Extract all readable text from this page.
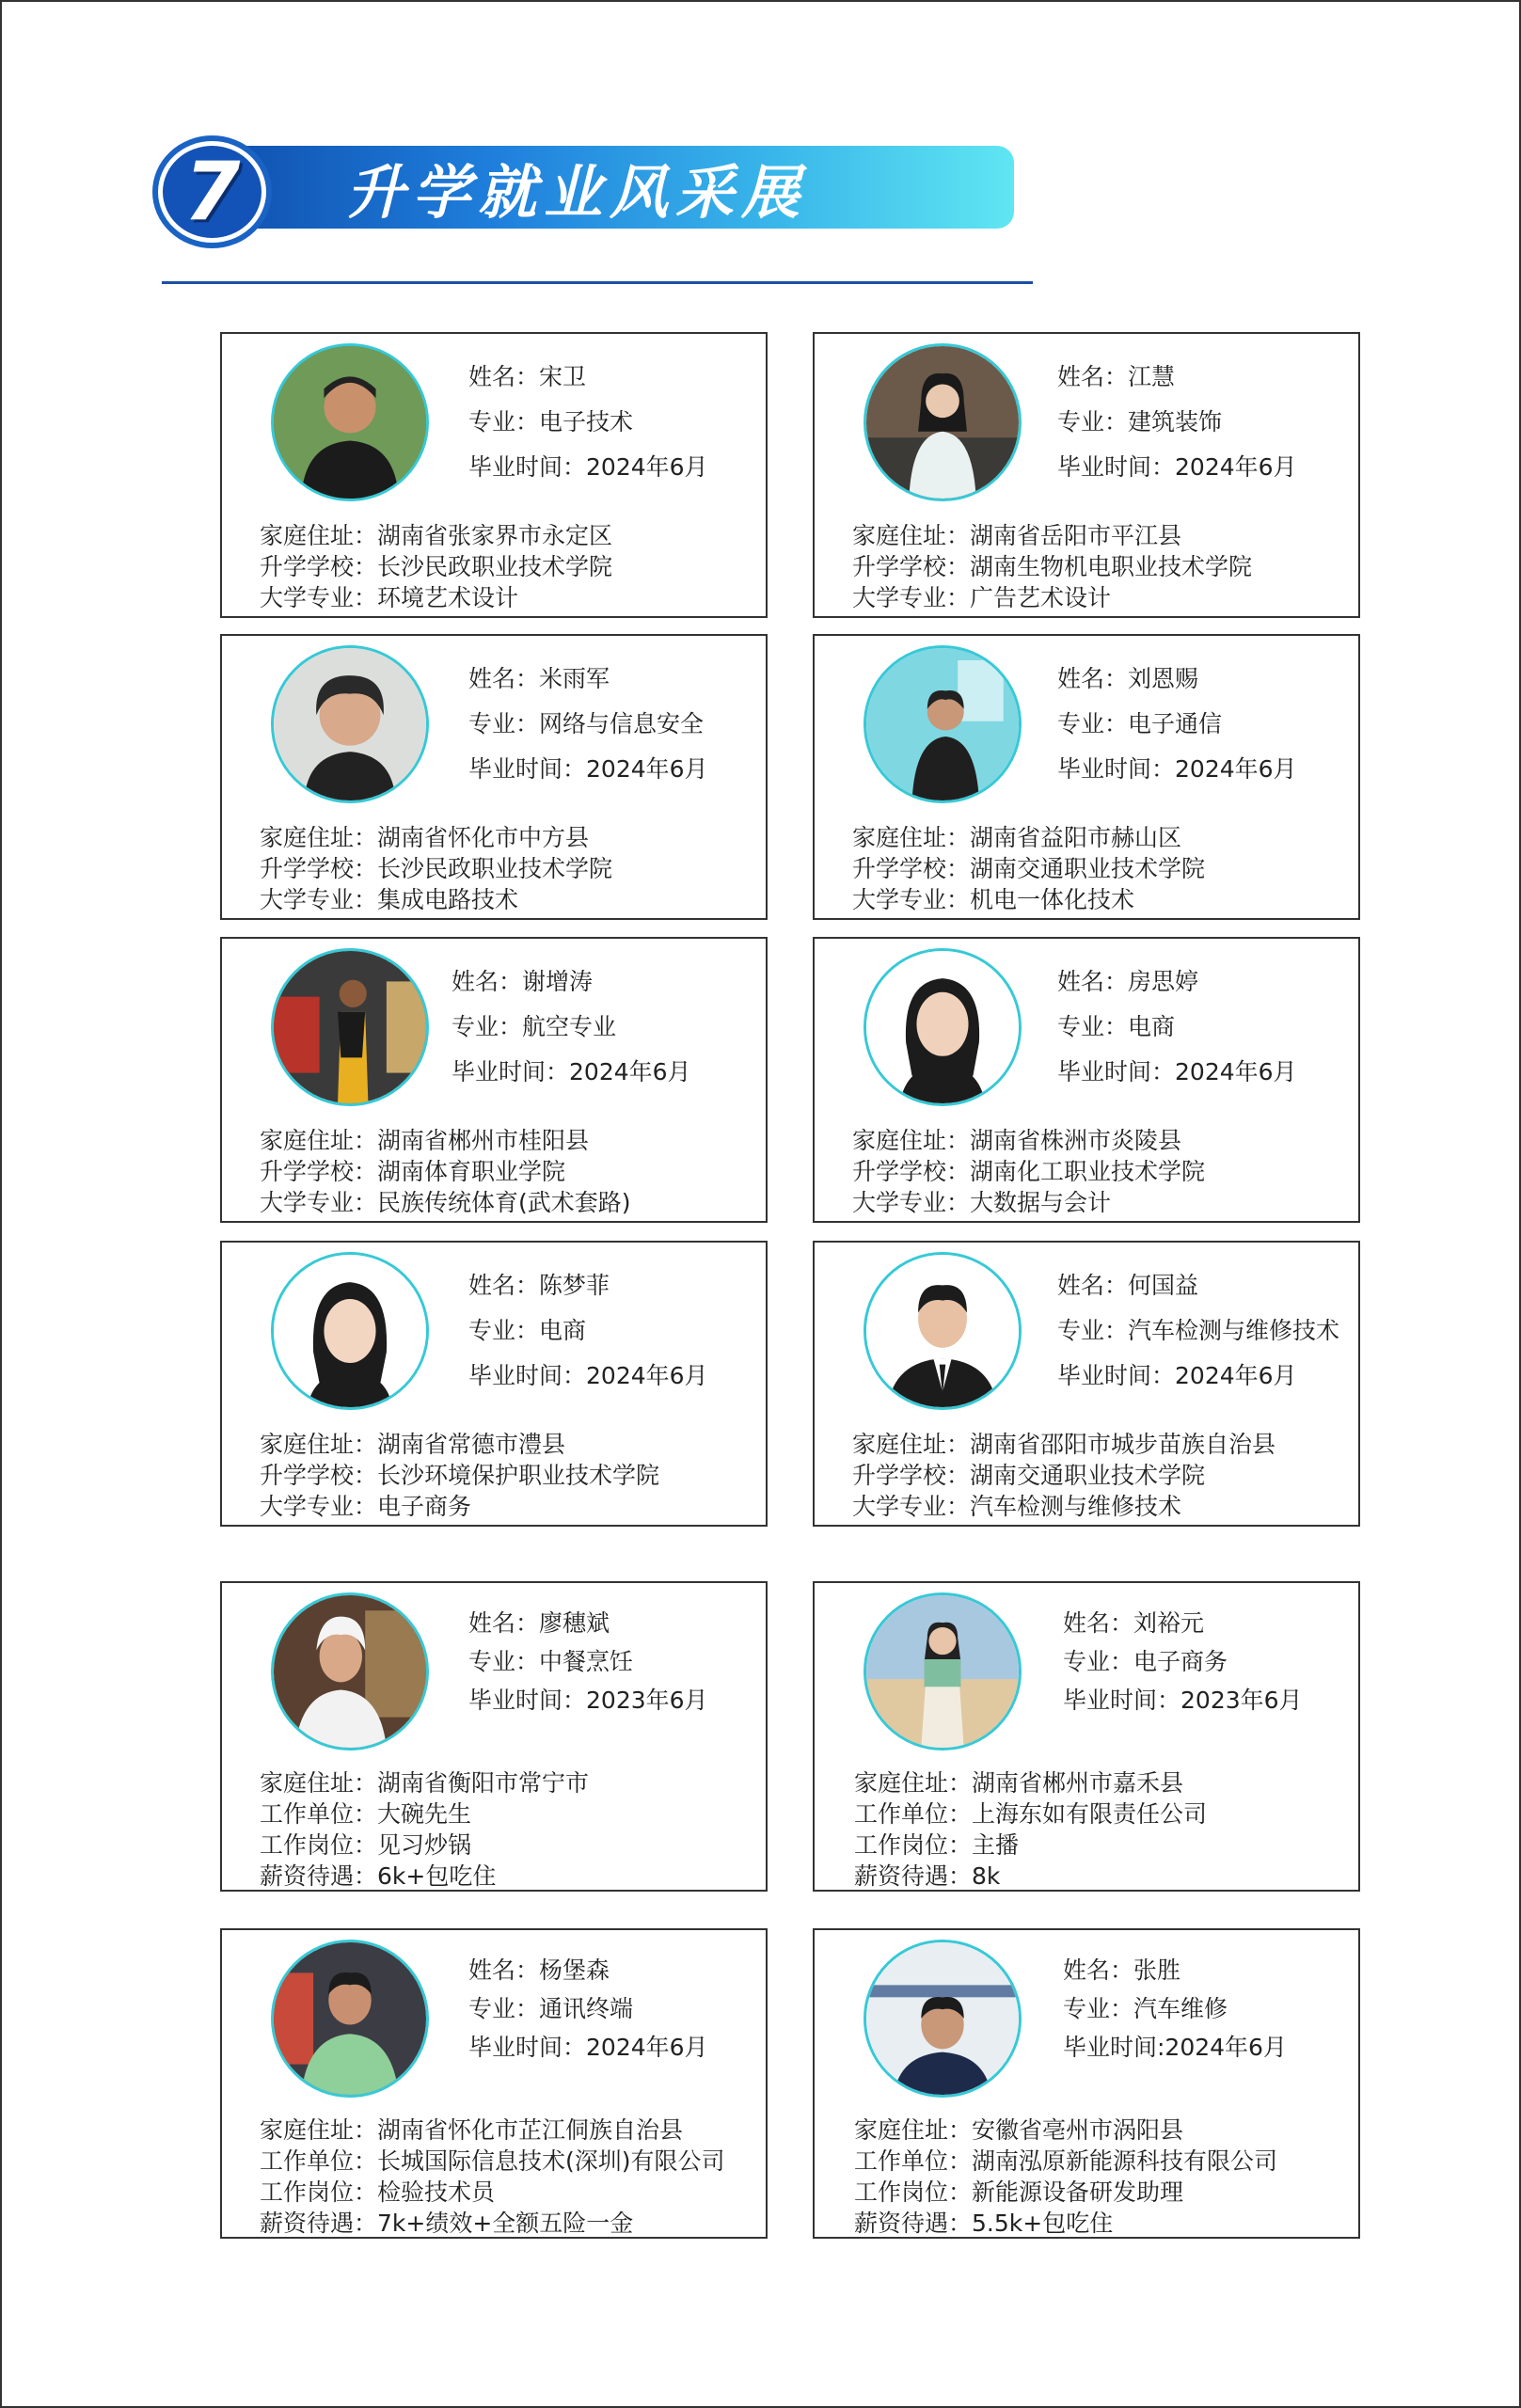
升学就业风采展
7
姓名：宋卫
专业：电子技术
毕业时间：2024年6月
家庭住址：湖南省张家界市永定区
升学学校：长沙民政职业技术学院
大学专业：环境艺术设计
姓名：江慧
专业：建筑装饰
毕业时间：2024年6月
家庭住址：湖南省岳阳市平江县
升学学校：湖南生物机电职业技术学院
大学专业：广告艺术设计
姓名：米雨军
专业：网络与信息安全
毕业时间：2024年6月
家庭住址：湖南省怀化市中方县
升学学校：长沙民政职业技术学院
大学专业：集成电路技术
姓名：刘恩赐
专业：电子通信
毕业时间：2024年6月
家庭住址：湖南省益阳市赫山区
升学学校：湖南交通职业技术学院
大学专业：机电一体化技术
姓名：谢增涛
专业：航空专业
毕业时间：2024年6月
家庭住址：湖南省郴州市桂阳县
升学学校：湖南体育职业学院
大学专业：民族传统体育(武术套路)
姓名：房思婷
专业：电商
毕业时间：2024年6月
家庭住址：湖南省株洲市炎陵县
升学学校：湖南化工职业技术学院
大学专业：大数据与会计
姓名：陈梦菲
专业：电商
毕业时间：2024年6月
家庭住址：湖南省常德市澧县
升学学校：长沙环境保护职业技术学院
大学专业：电子商务
姓名：何国益
专业：汽车检测与维修技术
毕业时间：2024年6月
家庭住址：湖南省邵阳市城步苗族自治县
升学学校：湖南交通职业技术学院
大学专业：汽车检测与维修技术
姓名：廖穗斌
专业：中餐烹饪
毕业时间：2023年6月
家庭住址：湖南省衡阳市常宁市
工作单位：大碗先生
工作岗位：见习炒锅
薪资待遇：6k+包吃住
姓名：刘裕元
专业：电子商务
毕业时间：2023年6月
家庭住址：湖南省郴州市嘉禾县
工作单位：上海东如有限责任公司
工作岗位：主播
薪资待遇：8k
姓名：杨堡森
专业：通讯终端
毕业时间：2024年6月
家庭住址：湖南省怀化市芷江侗族自治县
工作单位：长城国际信息技术(深圳)有限公司
工作岗位：检验技术员
薪资待遇：7k+绩效+全额五险一金
姓名：张胜
专业：汽车维修
毕业时间:2024年6月
家庭住址：安徽省亳州市涡阳县
工作单位：湖南泓原新能源科技有限公司
工作岗位：新能源设备研发助理
薪资待遇：5.5k+包吃住
